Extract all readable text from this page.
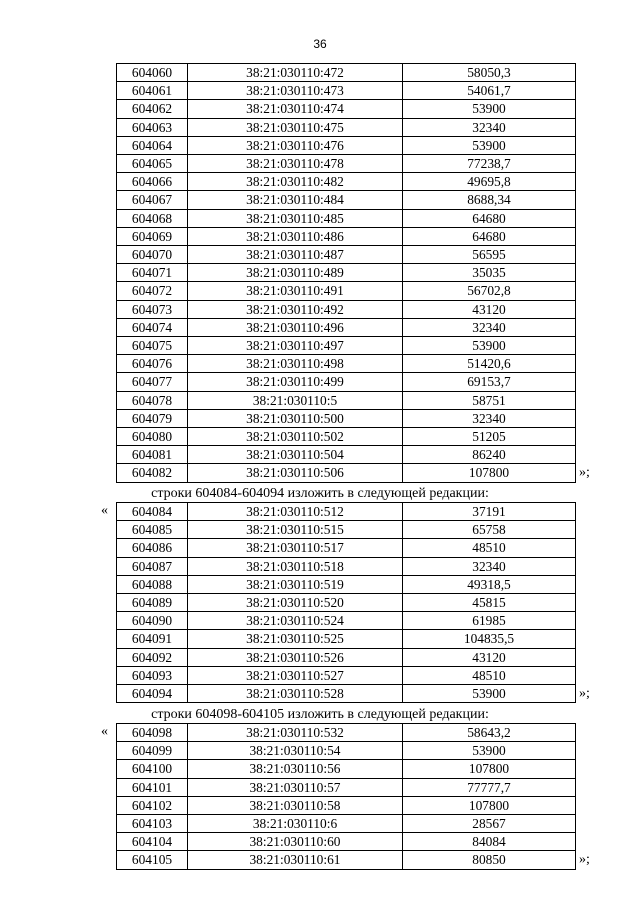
36
604060	38:21:030110:472	58050,3
604061	38:21:030110:473	54061,7
604062	38:21:030110:474	53900
604063	38:21:030110:475	32340
604064	38:21:030110:476	53900
604065	38:21:030110:478	77238,7
604066	38:21:030110:482	49695,8
604067	38:21:030110:484	8688,34
604068	38:21:030110:485	64680
604069	38:21:030110:486	64680
604070	38:21:030110:487	56595
604071	38:21:030110:489	35035
604072	38:21:030110:491	56702,8
604073	38:21:030110:492	43120
604074	38:21:030110:496	32340
604075	38:21:030110:497	53900
604076	38:21:030110:498	51420,6
604077	38:21:030110:499	69153,7
604078	38:21:030110:5	58751
604079	38:21:030110:500	32340
604080	38:21:030110:502	51205
604081	38:21:030110:504	86240
604082	38:21:030110:506	107800	»;
строки 604084-604094 изложить в следующей редакции:
« 604084	38:21:030110:512	37191
604085	38:21:030110:515	65758
604086	38:21:030110:517	48510
604087	38:21:030110:518	32340
604088	38:21:030110:519	49318,5
604089	38:21:030110:520	45815
604090	38:21:030110:524	61985
604091	38:21:030110:525	104835,5
604092	38:21:030110:526	43120
604093	38:21:030110:527	48510
604094	38:21:030110:528	53900	»;
строки 604098-604105 изложить в следующей редакции:
« 604098	38:21:030110:532	58643,2
604099	38:21:030110:54	53900
604100	38:21:030110:56	107800
604101	38:21:030110:57	77777,7
604102	38:21:030110:58	107800
604103	38:21:030110:6	28567
604104	38:21:030110:60	84084
604105	38:21:030110:61	80850	»;
